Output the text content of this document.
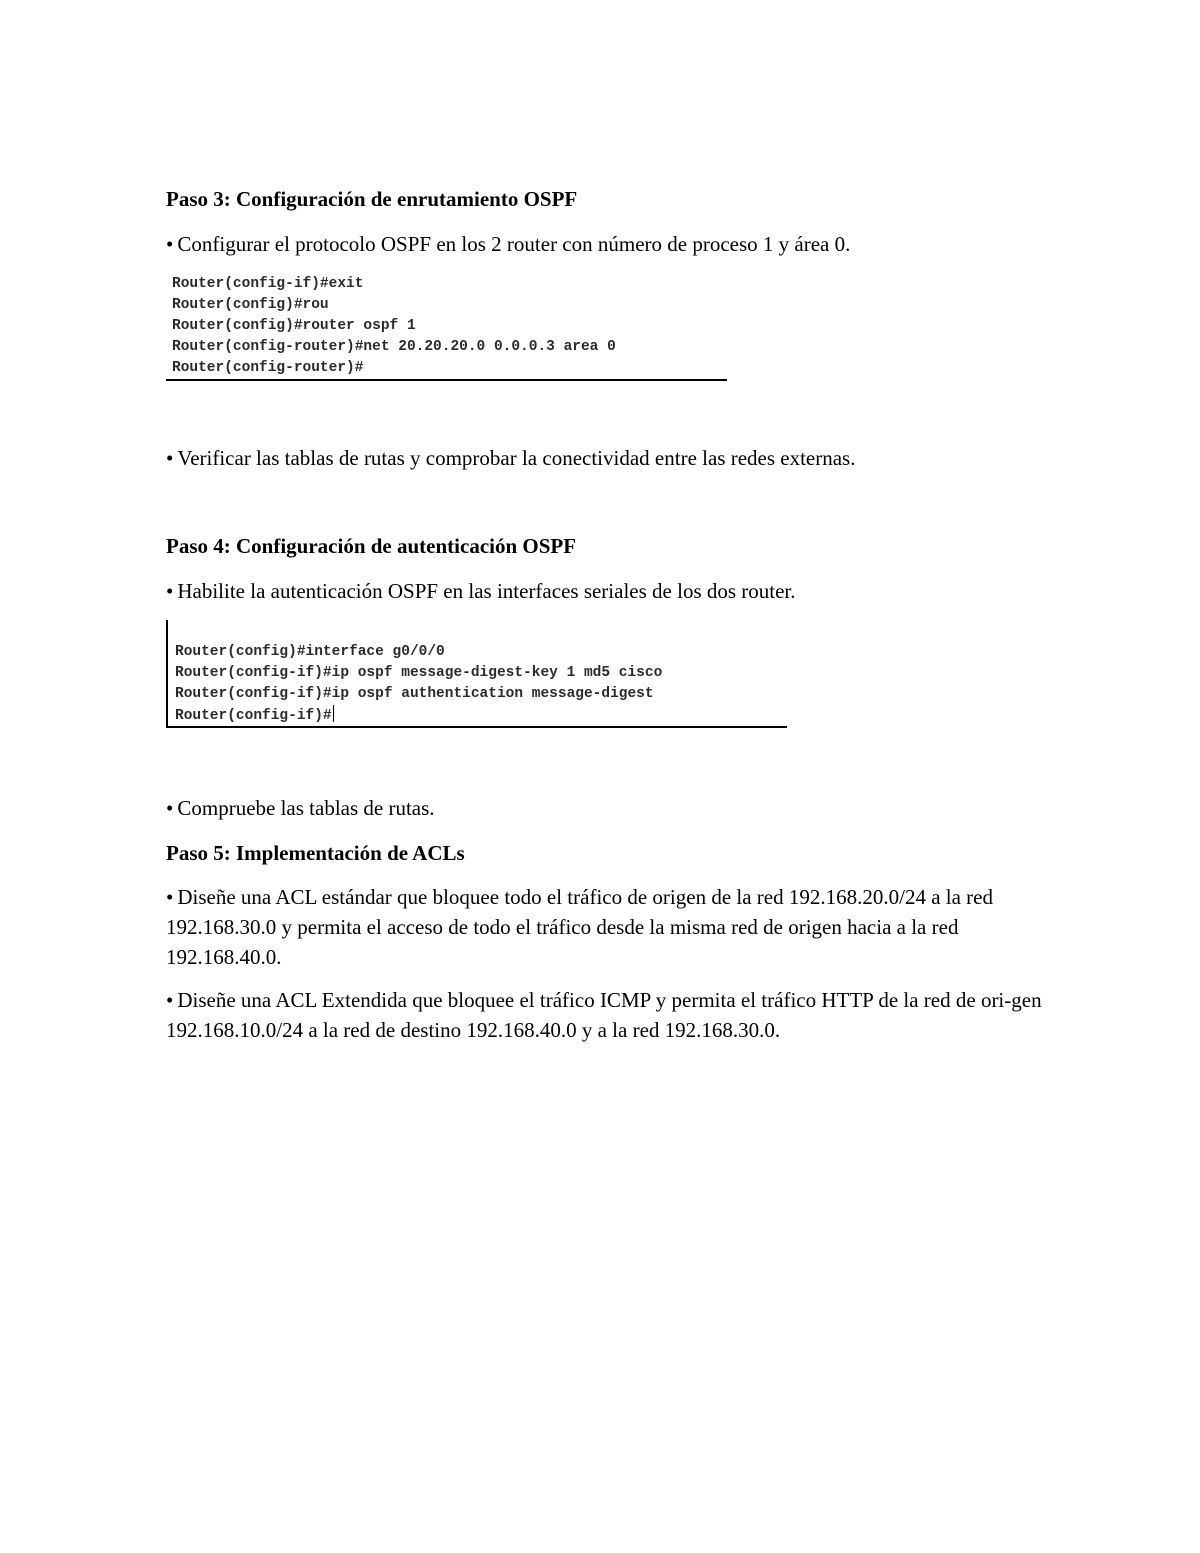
Paso 3: Configuración de enrutamiento OSPF

• Configurar el protocolo OSPF en los 2 router con número de proceso 1 y área 0.

Router(config-if)#exit
Router(config)#rou
Router(config)#router ospf 1
Router(config-router)#net 20.20.20.0 0.0.0.3 area 0
Router(config-router)#

• Verificar las tablas de rutas y comprobar la conectividad entre las redes externas.

Paso 4: Configuración de autenticación OSPF

• Habilite la autenticación OSPF en las interfaces seriales de los dos router.

Router(config)#interface g0/0/0
Router(config-if)#ip ospf message-digest-key 1 md5 cisco
Router(config-if)#ip ospf authentication message-digest
Router(config-if)#

• Compruebe las tablas de rutas.

Paso 5: Implementación de ACLs

• Diseñe una ACL estándar que bloquee todo el tráfico de origen de la red 192.168.20.0/24 a la red 192.168.30.0 y permita el acceso de todo el tráfico desde la misma red de origen hacia a la red 192.168.40.0.

• Diseñe una ACL Extendida que bloquee el tráfico ICMP y permita el tráfico HTTP de la red de ori-gen 192.168.10.0/24 a la red de destino 192.168.40.0 y a la red 192.168.30.0.
